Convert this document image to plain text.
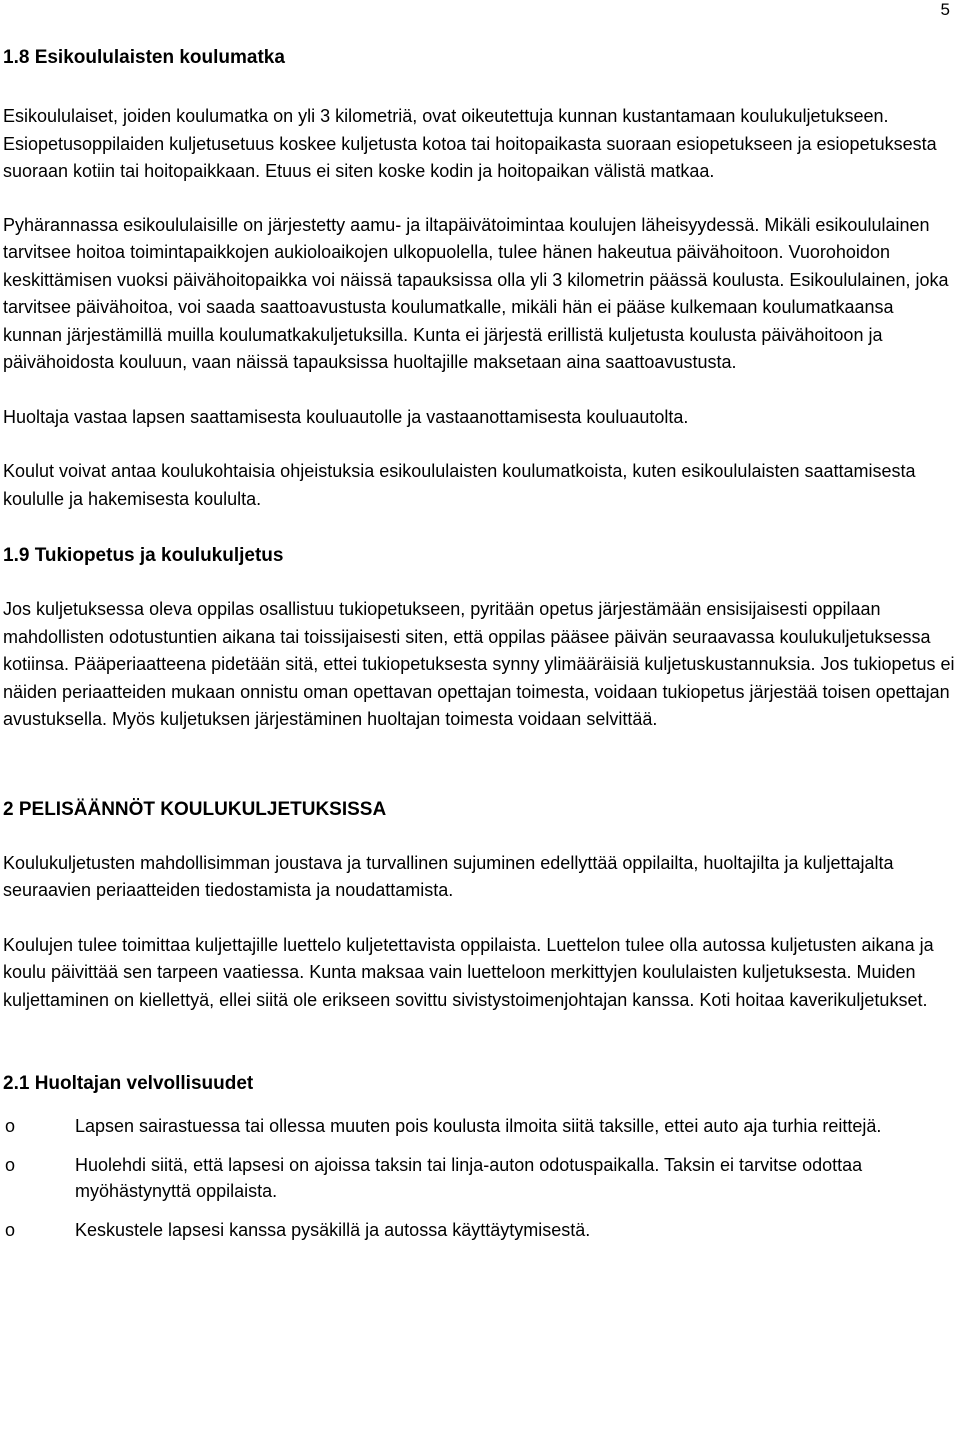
5
1.8 Esikoululaisten koulumatka

Esikoululaiset, joiden koulumatka on yli 3 kilometriä, ovat oikeutettuja kunnan kustantamaan koulukuljetukseen. Esiopetusoppilaiden kuljetusetuus koskee kuljetusta kotoa tai hoitopaikasta suoraan esiopetukseen ja esiopetuksesta suoraan kotiin tai hoitopaikkaan. Etuus ei siten koske kodin ja hoitopaikan välistä matkaa.

Pyhärannassa esikoululaisille on järjestetty aamu- ja iltapäivätoimintaa koulujen läheisyydessä. Mikäli esikoululainen tarvitsee hoitoa toimintapaikkojen aukioloaikojen ulkopuolella, tulee hänen hakeutua päivähoitoon. Vuorohoidon keskittämisen vuoksi päivähoitopaikka voi näissä tapauksissa olla yli 3 kilometrin päässä koulusta. Esikoululainen, joka tarvitsee päivähoitoa, voi saada saattoavustusta koulumatkalle, mikäli hän ei pääse kulkemaan koulumatkaansa kunnan järjestämillä muilla koulumatkakuljetuksilla. Kunta ei järjestä erillistä kuljetusta koulusta päivähoitoon ja päivähoidosta kouluun, vaan näissä tapauksissa huoltajille maksetaan aina saattoavustusta.

Huoltaja vastaa lapsen saattamisesta kouluautolle ja vastaanottamisesta kouluautolta.

Koulut voivat antaa koulukohtaisia ohjeistuksia esikoululaisten koulumatkoista, kuten esikoululaisten saattamisesta koululle ja hakemisesta koululta.

1.9 Tukiopetus ja koulukuljetus

Jos kuljetuksessa oleva oppilas osallistuu tukiopetukseen, pyritään opetus järjestämään ensisijaisesti oppilaan mahdollisten odotustuntien aikana tai toissijaisesti siten, että oppilas pääsee päivän seuraavassa koulukuljetuksessa kotiinsa. Pääperiaatteena pidetään sitä, ettei tukiopetuksesta synny ylimääräisiä kuljetuskustannuksia. Jos tukiopetus ei näiden periaatteiden mukaan onnistu oman opettavan opettajan toimesta, voidaan tukiopetus järjestää toisen opettajan avustuksella. Myös kuljetuksen järjestäminen huoltajan toimesta voidaan selvittää.

2 PELISÄÄNNÖT KOULUKULJETUKSISSA

Koulukuljetusten mahdollisimman joustava ja turvallinen sujuminen edellyttää oppilailta, huoltajilta ja kuljettajalta seuraavien periaatteiden tiedostamista ja noudattamista.

Koulujen tulee toimittaa kuljettajille luettelo kuljetettavista oppilaista. Luettelon tulee olla autossa kuljetusten aikana ja koulu päivittää sen tarpeen vaatiessa. Kunta maksaa vain luetteloon merkittyjen koululaisten kuljetuksesta. Muiden kuljettaminen on kiellettyä, ellei siitä ole erikseen sovittu sivistystoimenjohtajan kanssa. Koti hoitaa kaverikuljetukset.

2.1 Huoltajan velvollisuudet
o	Lapsen sairastuessa tai ollessa muuten pois koulusta ilmoita siitä taksille, ettei auto aja turhia reittejä.
o	Huolehdi siitä, että lapsesi on ajoissa taksin tai linja-auton odotuspaikalla. Taksin ei tarvitse odottaa myöhästynyttä oppilaista.
o	Keskustele lapsesi kanssa pysäkillä ja autossa käyttäytymisestä.
